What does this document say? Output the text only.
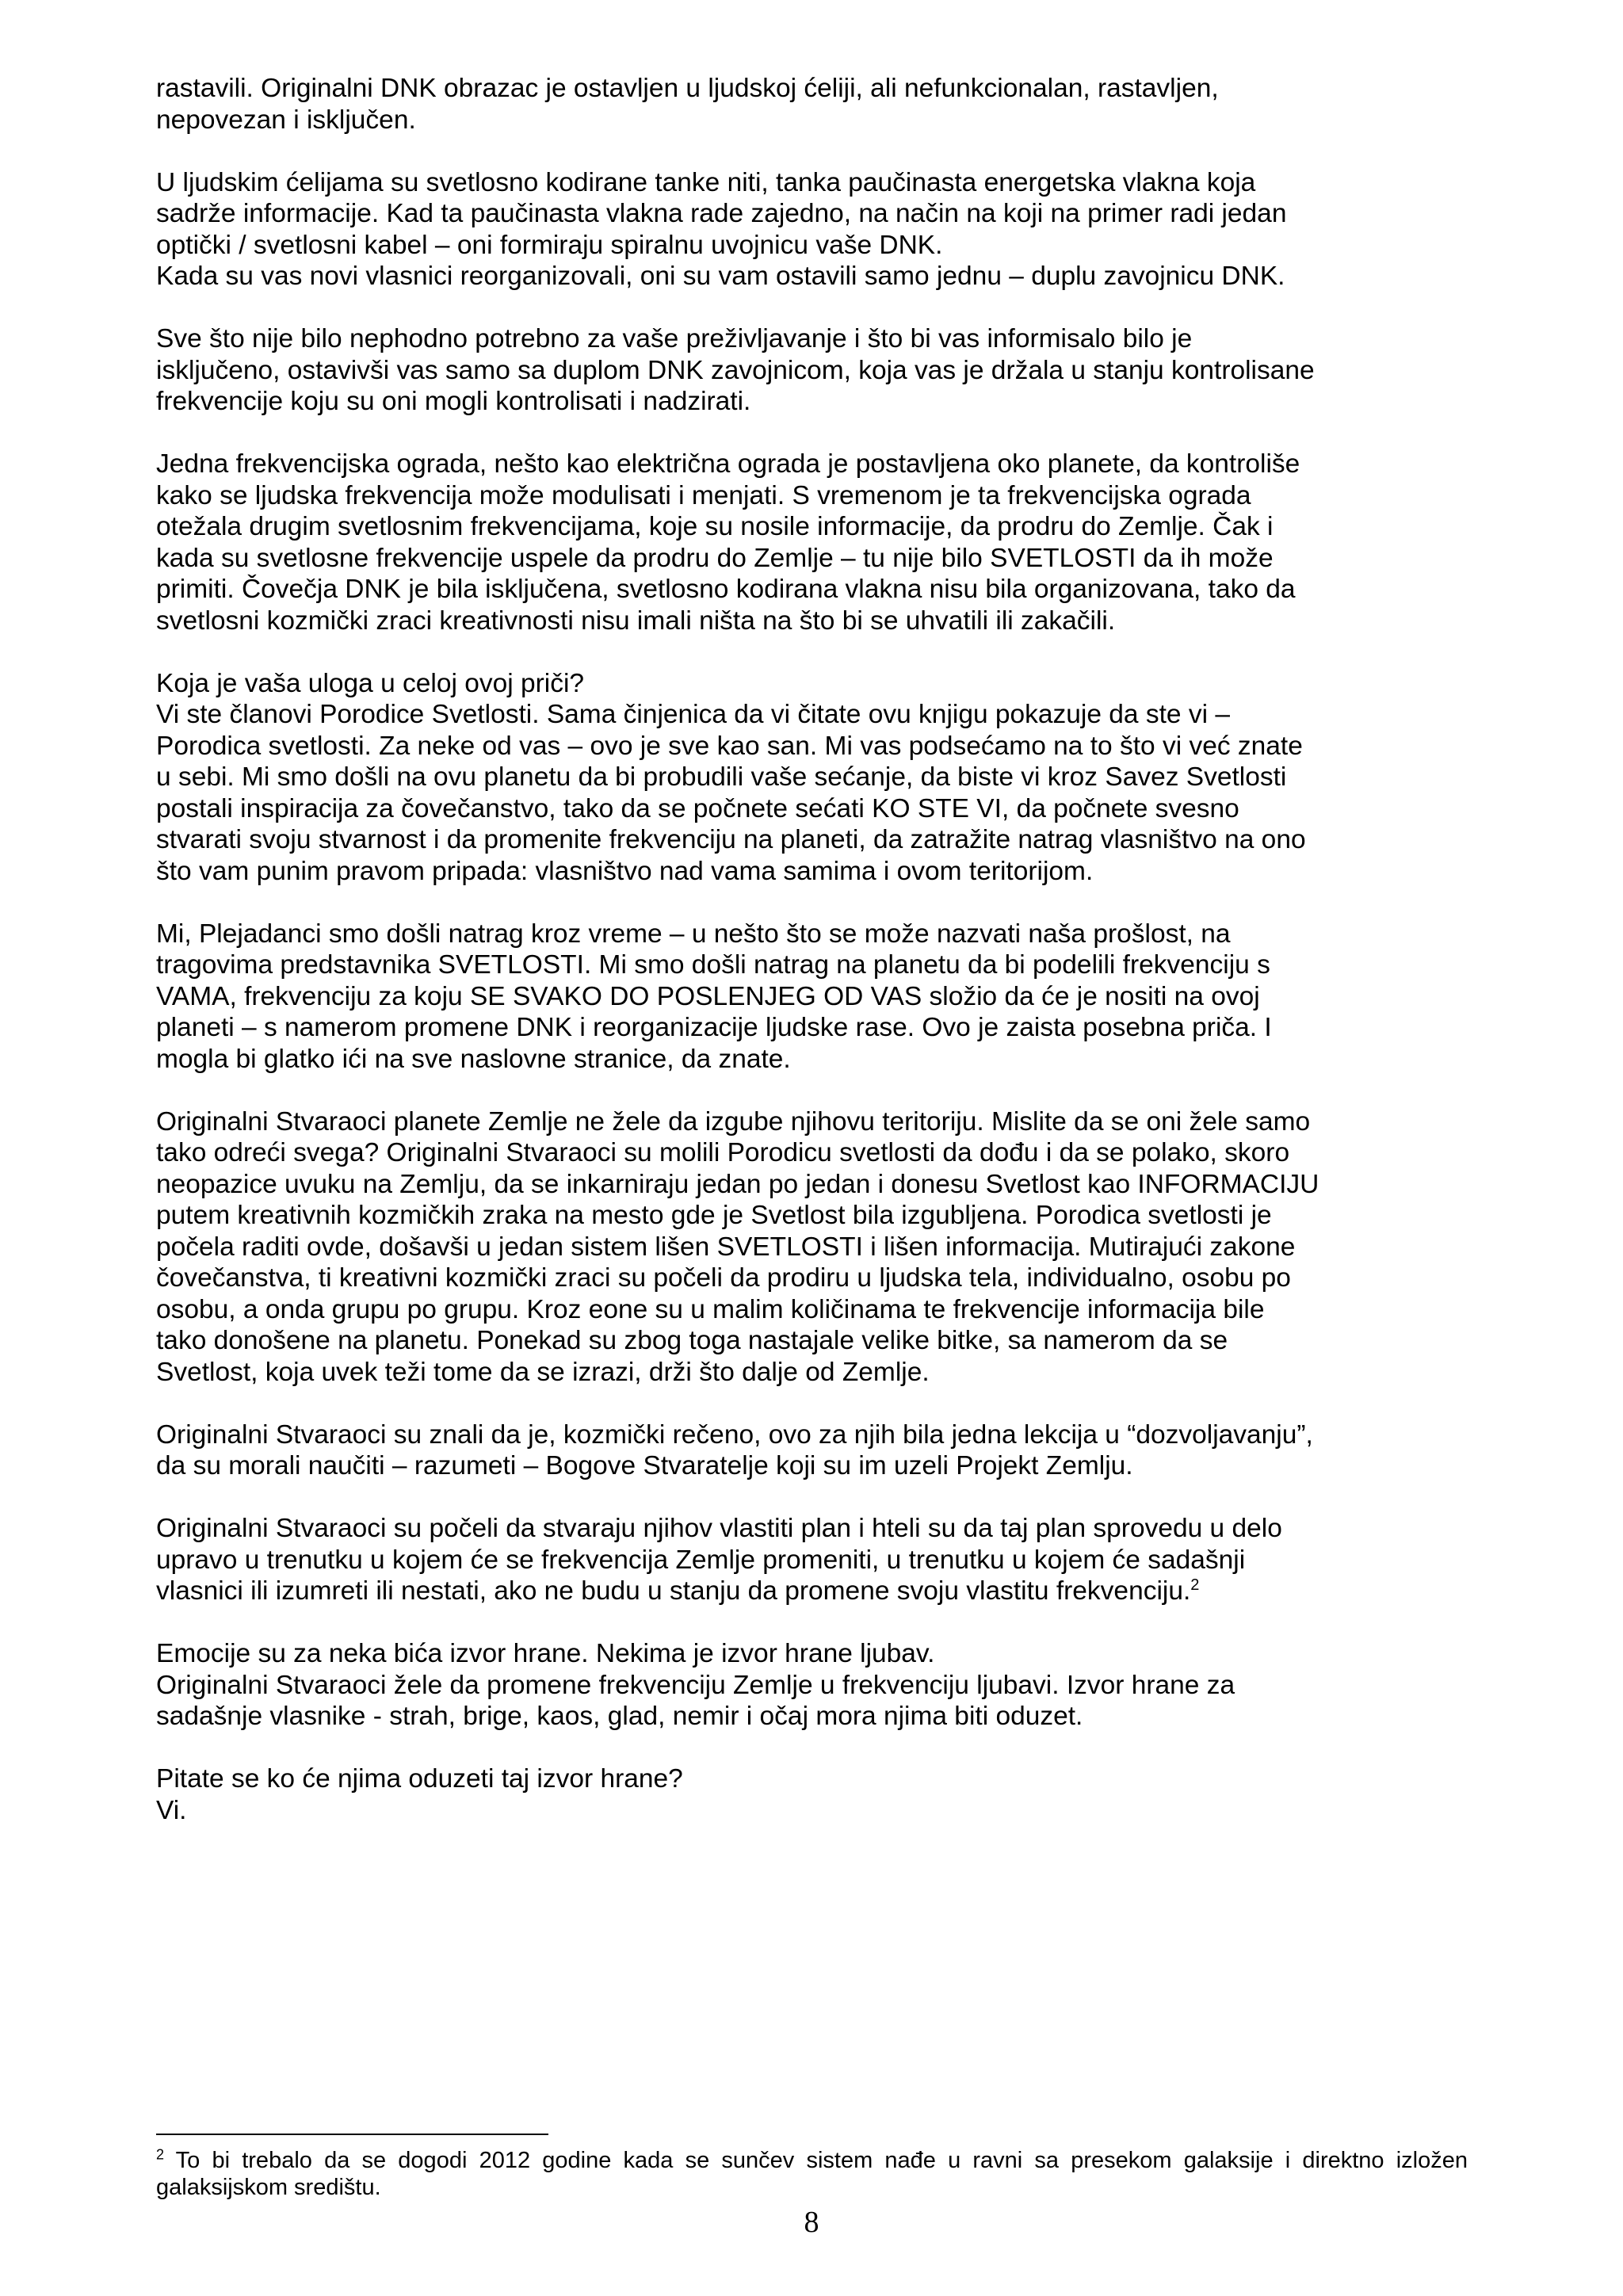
rastavili. Originalni DNK obrazac je ostavljen u ljudskoj ćeliji, ali nefunkcionalan, rastavljen,
nepovezan i isključen.

U ljudskim ćelijama su svetlosno kodirane tanke niti, tanka paučinasta energetska vlakna koja
sadrže informacije. Kad ta paučinasta vlakna rade zajedno, na način na koji na primer radi jedan
optički / svetlosni kabel – oni formiraju spiralnu uvojnicu vaše DNK.
Kada su vas novi vlasnici reorganizovali, oni su vam ostavili samo jednu – duplu zavojnicu DNK.

Sve što nije bilo nephodno potrebno za vaše preživljavanje i što bi vas informisalo bilo je
isključeno, ostavivši vas samo sa duplom DNK zavojnicom, koja vas je držala u stanju kontrolisane
frekvencije koju su oni mogli kontrolisati i nadzirati.

Jedna frekvencijska ograda, nešto kao električna ograda je postavljena oko planete, da kontroliše
kako se ljudska frekvencija može modulisati i menjati. S vremenom je ta frekvencijska ograda
otežala drugim svetlosnim frekvencijama, koje su nosile informacije, da prodru do Zemlje. Čak i
kada su svetlosne frekvencije uspele da prodru do Zemlje – tu nije bilo SVETLOSTI da ih može
primiti. Čovečja DNK je bila isključena, svetlosno kodirana vlakna nisu bila organizovana, tako da
svetlosni kozmički zraci kreativnosti nisu imali ništa na što bi se uhvatili ili zakačili.

Koja je vaša uloga u celoj ovoj priči?
Vi ste članovi Porodice Svetlosti. Sama činjenica da vi čitate ovu knjigu pokazuje da ste vi –
Porodica svetlosti. Za neke od vas – ovo je sve kao san. Mi vas podsećamo na to što vi već znate
u sebi. Mi smo došli na ovu planetu da bi probudili vaše sećanje, da biste vi kroz Savez Svetlosti
postali inspiracija za čovečanstvo, tako da se počnete sećati KO STE VI, da počnete svesno
stvarati svoju stvarnost i da promenite frekvenciju na planeti, da zatražite natrag vlasništvo na ono
što vam punim pravom pripada: vlasništvo nad vama samima i ovom teritorijom.

Mi, Plejadanci smo došli natrag kroz vreme – u nešto što se može nazvati naša prošlost, na
tragovima predstavnika SVETLOSTI. Mi smo došli natrag na planetu da bi podelili frekvenciju s
VAMA, frekvenciju za koju SE SVAKO DO POSLENJEG OD VAS složio da će je nositi na ovoj
planeti – s namerom promene DNK i reorganizacije ljudske rase. Ovo je zaista posebna priča. I
mogla bi glatko ići na sve naslovne stranice, da znate.

Originalni Stvaraoci planete Zemlje ne žele da izgube njihovu teritoriju. Mislite da se oni žele samo
tako odreći svega? Originalni Stvaraoci su molili Porodicu svetlosti da dođu i da se polako, skoro
neopazice uvuku na Zemlju, da se inkarniraju jedan po jedan i donesu Svetlost kao INFORMACIJU
putem kreativnih kozmičkih zraka na mesto gde je Svetlost bila izgubljena. Porodica svetlosti je
počela raditi ovde, došavši u jedan sistem lišen SVETLOSTI i lišen informacija. Mutirajući zakone
čovečanstva, ti kreativni kozmički zraci su počeli da prodiru u ljudska tela, individualno, osobu po
osobu, a onda grupu po grupu. Kroz eone su u malim količinama te frekvencije informacija bile
tako donošene na planetu. Ponekad su zbog toga nastajale velike bitke, sa namerom da se
Svetlost, koja uvek teži tome da se izrazi, drži što dalje od Zemlje.

Originalni Stvaraoci su znali da je, kozmički rečeno, ovo za njih bila jedna lekcija u “dozvoljavanju”,
da su morali naučiti – razumeti – Bogove Stvaratelje koji su im uzeli Projekt Zemlju.

Originalni Stvaraoci su počeli da stvaraju njihov vlastiti plan i hteli su da taj plan sprovedu u delo
upravo u trenutku u kojem će se frekvencija Zemlje promeniti, u trenutku u kojem će sadašnji
vlasnici ili izumreti ili nestati, ako ne budu u stanju da promene svoju vlastitu frekvenciju.$^2$

Emocije su za neka bića izvor hrane. Nekima je izvor hrane ljubav.
Originalni Stvaraoci žele da promene frekvenciju Zemlje u frekvenciju ljubavi. Izvor hrane za
sadašnje vlasnike - strah, brige, kaos, glad, nemir i očaj mora njima biti oduzet.

Pitate se ko će njima oduzeti taj izvor hrane?
Vi.

$^2$ To bi trebalo da se dogodi 2012 godine kada se sunčev sistem nađe u ravni sa presekom galaksije i direktno izložen galaksijskom središtu.
8
